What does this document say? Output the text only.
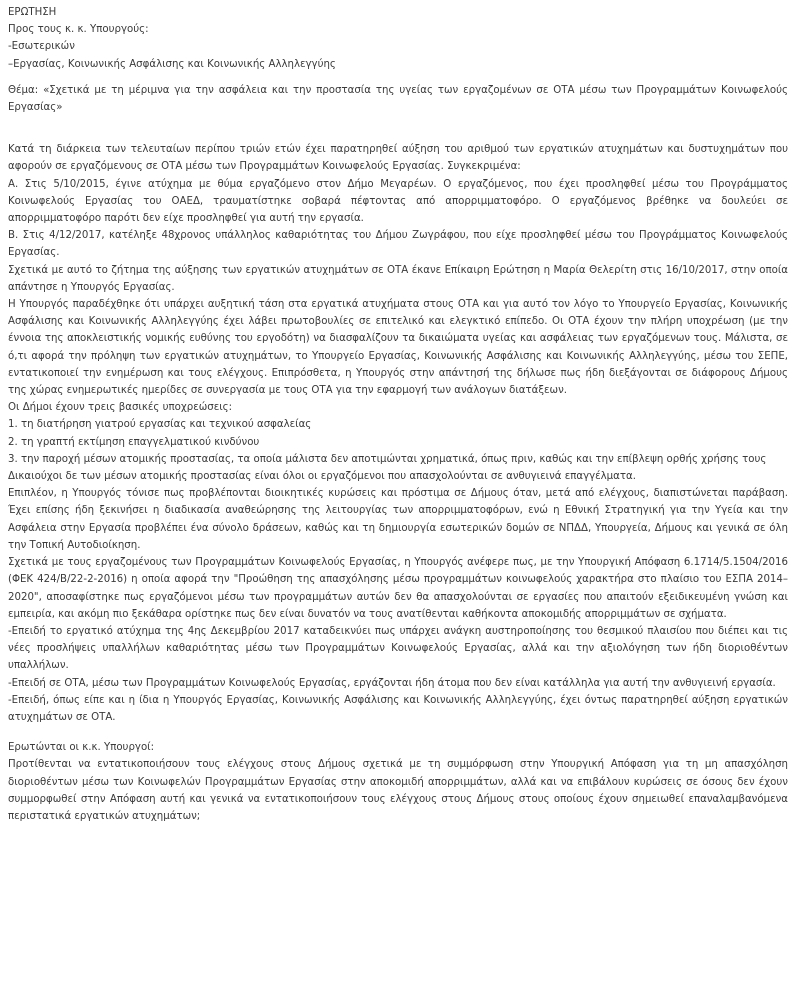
ΕΡΩΤΗΣΗ
Προς τους κ. κ. Υπουργούς:
-Εσωτερικών
–Εργασίας, Κοινωνικής Ασφάλισης και Κοινωνικής Αλληλεγγύης
Θέμα: «Σχετικά με τη μέριμνα για την ασφάλεια και την προστασία της υγείας των εργαζομένων σε ΟΤΑ μέσω των Προγραμμάτων Κοινωφελούς Εργασίας»
Κατά τη διάρκεια των τελευταίων περίπου τριών ετών έχει παρατηρηθεί αύξηση του αριθμού των εργατικών ατυχημάτων και δυστυχημάτων που αφορούν σε εργαζόμενους σε ΟΤΑ μέσω των Προγραμμάτων Κοινωφελούς Εργασίας. Συγκεκριμένα:
Α. Στις 5/10/2015, έγινε ατύχημα με θύμα εργαζόμενο στον Δήμο Μεγαρέων. Ο εργαζόμενος, που έχει προσληφθεί μέσω του Προγράμματος Κοινωφελούς Εργασίας του ΟΑΕΔ, τραυματίστηκε σοβαρά πέφτοντας από απορριμματοφόρο. Ο εργαζόμενος βρέθηκε να δουλεύει σε απορριμματοφόρο παρότι δεν είχε προσληφθεί για αυτή την εργασία.
Β. Στις 4/12/2017, κατέληξε 48χρονος υπάλληλος καθαριότητας του Δήμου Ζωγράφου, που είχε προσληφθεί μέσω του Προγράμματος Κοινωφελούς Εργασίας.
Σχετικά με αυτό το ζήτημα της αύξησης των εργατικών ατυχημάτων σε ΟΤΑ έκανε Επίκαιρη Ερώτηση η Μαρία Θελερίτη στις 16/10/2017, στην οποία απάντησε η Υπουργός Εργασίας.
Η Υπουργός παραδέχθηκε ότι υπάρχει αυξητική τάση στα εργατικά ατυχήματα στους ΟΤΑ και για αυτό τον λόγο το Υπουργείο Εργασίας, Κοινωνικής Ασφάλισης και Κοινωνικής Αλληλεγγύης έχει λάβει πρωτοβουλίες σε επιτελικό και ελεγκτικό επίπεδο. Οι ΟΤΑ έχουν την πλήρη υποχρέωση (με την έννοια της αποκλειστικής νομικής ευθύνης του εργοδότη) να διασφαλίζουν τα δικαιώματα υγείας και ασφάλειας των εργαζόμενων τους. Μάλιστα, σε ό,τι αφορά την πρόληψη των εργατικών ατυχημάτων, το Υπουργείο Εργασίας, Κοινωνικής Ασφάλισης και Κοινωνικής Αλληλεγγύης, μέσω του ΣΕΠΕ, εντατικοποιεί την ενημέρωση και τους ελέγχους. Επιπρόσθετα, η Υπουργός στην απάντησή της δήλωσε πως ήδη διεξάγονται σε διάφορους Δήμους της χώρας ενημερωτικές ημερίδες σε συνεργασία με τους ΟΤΑ για την εφαρμογή των ανάλογων διατάξεων.
Οι Δήμοι έχουν τρεις βασικές υποχρεώσεις:
1. τη διατήρηση γιατρού εργασίας και τεχνικού ασφαλείας
2. τη γραπτή εκτίμηση επαγγελματικού κινδύνου
3. την παροχή μέσων ατομικής προστασίας, τα οποία μάλιστα δεν αποτιμώνται χρηματικά, όπως πριν, καθώς και την επίβλεψη ορθής χρήσης τους
Δικαιούχοι δε των μέσων ατομικής προστασίας είναι όλοι οι εργαζόμενοι που απασχολούνται σε ανθυγιεινά επαγγέλματα.
Επιπλέον, η Υπουργός τόνισε πως προβλέπονται διοικητικές κυρώσεις και πρόστιμα σε Δήμους όταν, μετά από ελέγχους, διαπιστώνεται παράβαση. Έχει επίσης ήδη ξεκινήσει η διαδικασία αναθεώρησης της λειτουργίας των απορριμματοφόρων, ενώ η Εθνική Στρατηγική για την Υγεία και την Ασφάλεια στην Εργασία προβλέπει ένα σύνολο δράσεων, καθώς και τη δημιουργία εσωτερικών δομών σε ΝΠΔΔ, Υπουργεία, Δήμους και γενικά σε όλη την Τοπική Αυτοδιοίκηση.
Σχετικά με τους εργαζομένους των Προγραμμάτων Κοινωφελούς Εργασίας, η Υπουργός ανέφερε πως, με την Υπουργική Απόφαση 6.1714/5.1504/2016 (ΦΕΚ 424/Β/22-2-2016) η οποία αφορά την "Προώθηση της απασχόλησης μέσω προγραμμάτων κοινωφελούς χαρακτήρα στο πλαίσιο του ΕΣΠΑ 2014–2020", αποσαφίστηκε πως εργαζόμενοι μέσω των προγραμμάτων αυτών δεν θα απασχολούνται σε εργασίες που απαιτούν εξειδικευμένη γνώση και εμπειρία, και ακόμη πιο ξεκάθαρα ορίστηκε πως δεν είναι δυνατόν να τους ανατίθενται καθήκοντα αποκομιδής απορριμμάτων σε σχήματα.
-Επειδή το εργατικό ατύχημα της 4ης Δεκεμβρίου 2017 καταδεικνύει πως υπάρχει ανάγκη αυστηροποίησης του θεσμικού πλαισίου που διέπει και τις νέες προσλήψεις υπαλλήλων καθαριότητας μέσω των Προγραμμάτων Κοινωφελούς Εργασίας, αλλά και την αξιολόγηση των ήδη διοριοθέντων υπαλλήλων.
-Επειδή σε ΟΤΑ, μέσω των Προγραμμάτων Κοινωφελούς Εργασίας, εργάζονται ήδη άτομα που δεν είναι κατάλληλα για αυτή την ανθυγιεινή εργασία.
-Επειδή, όπως είπε και η ίδια η Υπουργός Εργασίας, Κοινωνικής Ασφάλισης και Κοινωνικής Αλληλεγγύης, έχει όντως παρατηρηθεί αύξηση εργατικών ατυχημάτων σε ΟΤΑ.
Ερωτώνται οι κ.κ. Υπουργοί:
Προτίθενται να εντατικοποιήσουν τους ελέγχους στους Δήμους σχετικά με τη συμμόρφωση στην Υπουργική Απόφαση για τη μη απασχόληση διοριοθέντων μέσω των Κοινωφελών Προγραμμάτων Εργασίας στην αποκομιδή απορριμμάτων, αλλά και να επιβάλουν κυρώσεις σε όσους δεν έχουν συμμορφωθεί στην Απόφαση αυτή και γενικά να εντατικοποιήσουν τους ελέγχους στους Δήμους στους οποίους έχουν σημειωθεί επαναλαμβανόμενα περιστατικά εργατικών ατυχημάτων;
